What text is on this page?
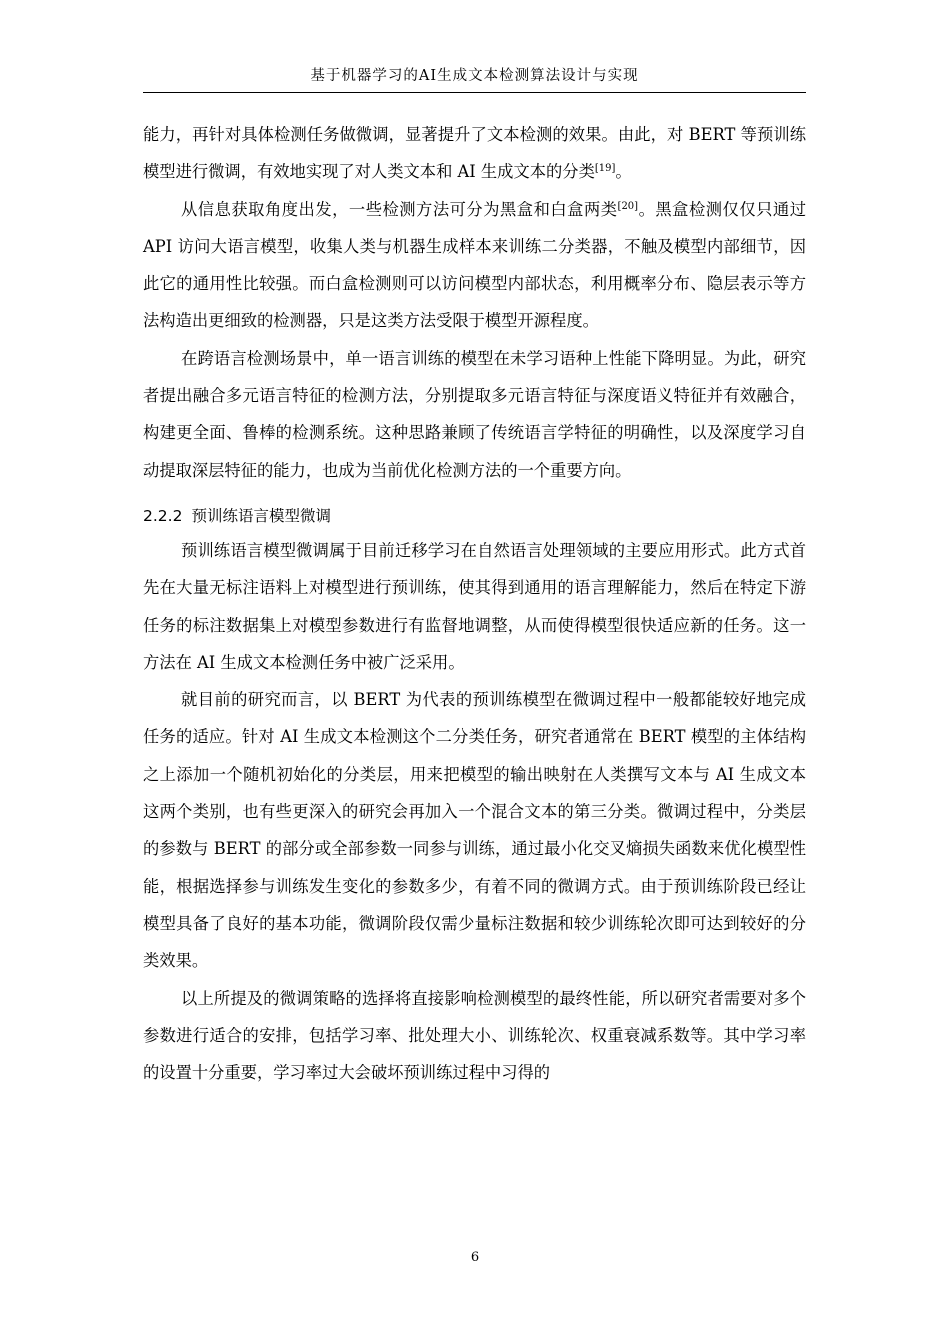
基于机器学习的AI生成文本检测算法设计与实现

能力，再针对具体检测任务做微调，显著提升了文本检测的效果。由此，对 BERT 等预训练模型进行微调，有效地实现了对人类文本和 AI 生成文本的分类[19]。

从信息获取角度出发，一些检测方法可分为黑盒和白盒两类[20]。黑盒检测仅仅只通过 API 访问大语言模型，收集人类与机器生成样本来训练二分类器，不触及模型内部细节，因此它的通用性比较强。而白盒检测则可以访问模型内部状态，利用概率分布、隐层表示等方法构造出更细致的检测器，只是这类方法受限于模型开源程度。

在跨语言检测场景中，单一语言训练的模型在未学习语种上性能下降明显。为此，研究者提出融合多元语言特征的检测方法，分别提取多元语言特征与深度语义特征并有效融合，构建更全面、鲁棒的检测系统。这种思路兼顾了传统语言学特征的明确性，以及深度学习自动提取深层特征的能力，也成为当前优化检测方法的一个重要方向。

2.2.2 预训练语言模型微调

预训练语言模型微调属于目前迁移学习在自然语言处理领域的主要应用形式。此方式首先在大量无标注语料上对模型进行预训练，使其得到通用的语言理解能力，然后在特定下游任务的标注数据集上对模型参数进行有监督地调整，从而使得模型很快适应新的任务。这一方法在 AI 生成文本检测任务中被广泛采用。

就目前的研究而言，以 BERT 为代表的预训练模型在微调过程中一般都能较好地完成任务的适应。针对 AI 生成文本检测这个二分类任务，研究者通常在 BERT 模型的主体结构之上添加一个随机初始化的分类层，用来把模型的输出映射在人类撰写文本与 AI 生成文本这两个类别，也有些更深入的研究会再加入一个混合文本的第三分类。微调过程中，分类层的参数与 BERT 的部分或全部参数一同参与训练，通过最小化交叉熵损失函数来优化模型性能，根据选择参与训练发生变化的参数多少，有着不同的微调方式。由于预训练阶段已经让模型具备了良好的基本功能，微调阶段仅需少量标注数据和较少训练轮次即可达到较好的分类效果。

以上所提及的微调策略的选择将直接影响检测模型的最终性能，所以研究者需要对多个参数进行适合的安排，包括学习率、批处理大小、训练轮次、权重衰减系数等。其中学习率的设置十分重要，学习率过大会破坏预训练过程中习得的

6
